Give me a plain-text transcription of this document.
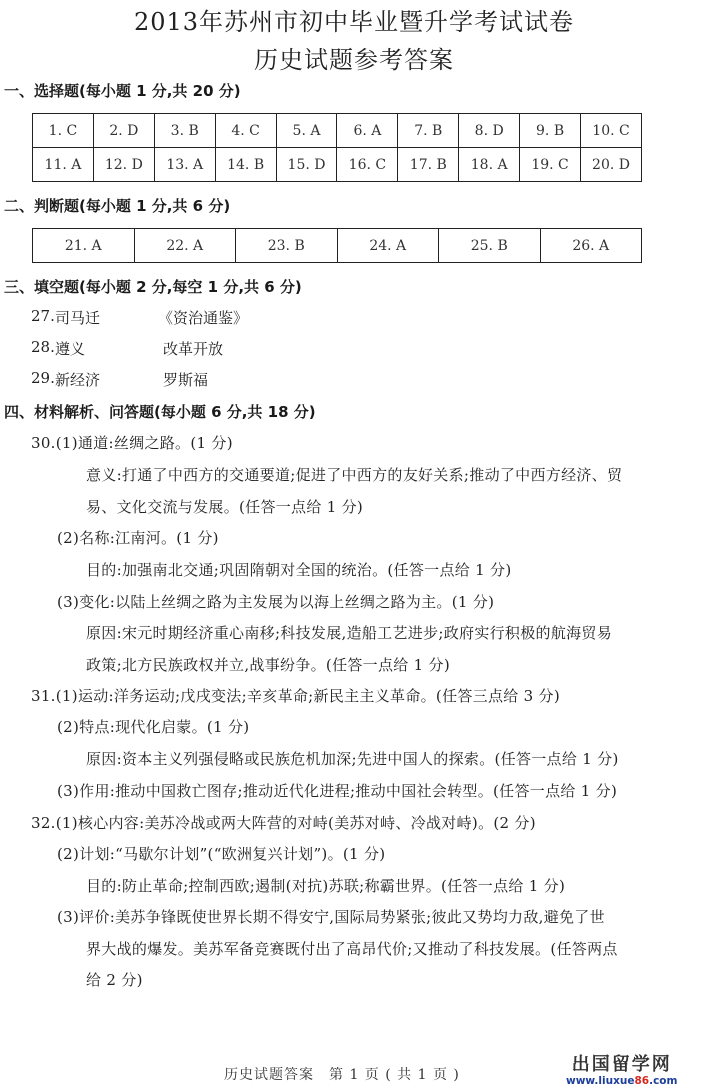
2013年苏州市初中毕业暨升学考试试卷
历史试题参考答案
一、选择题(每小题 1 分,共 20 分)
1. C	2. D	3. B	4. C	5. A	6. A	7. B	8. D	9. B	10. C
11. A	12. D	13. A	14. B	15. D	16. C	17. B	18. A	19. C	20. D
二、判断题(每小题 1 分,共 6 分)
21. A	22. A	23. B	24. A	25. B	26. A
三、填空题(每小题 2 分,每空 1 分,共 6 分)
27. 司马迁	《资治通鉴》
28. 遵义	改革开放
29. 新经济	罗斯福
四、材料解析、问答题(每小题 6 分,共 18 分)
30.(1)通道:丝绸之路。(1 分)
意义:打通了中西方的交通要道;促进了中西方的友好关系;推动了中西方经济、贸
易、文化交流与发展。(任答一点给 1 分)
(2)名称:江南河。(1 分)
目的:加强南北交通;巩固隋朝对全国的统治。(任答一点给 1 分)
(3)变化:以陆上丝绸之路为主发展为以海上丝绸之路为主。(1 分)
原因:宋元时期经济重心南移;科技发展,造船工艺进步;政府实行积极的航海贸易
政策;北方民族政权并立,战事纷争。(任答一点给 1 分)
31.(1)运动:洋务运动;戊戌变法;辛亥革命;新民主主义革命。(任答三点给 3 分)
(2)特点:现代化启蒙。(1 分)
原因:资本主义列强侵略或民族危机加深;先进中国人的探索。(任答一点给 1 分)
(3)作用:推动中国救亡图存;推动近代化进程;推动中国社会转型。(任答一点给 1 分)
32.(1)核心内容:美苏冷战或两大阵营的对峙(美苏对峙、冷战对峙)。(2 分)
(2)计划:“马歇尔计划”(“欧洲复兴计划”)。(1 分)
目的:防止革命;控制西欧;遏制(对抗)苏联;称霸世界。(任答一点给 1 分)
(3)评价:美苏争锋既使世界长期不得安宁,国际局势紧张;彼此又势均力敌,避免了世
界大战的爆发。美苏军备竞赛既付出了高昂代价;又推动了科技发展。(任答两点
给 2 分)
历史试题答案　第 1 页 ( 共 1 页 )	出国留学网
www.liuxue86.com
